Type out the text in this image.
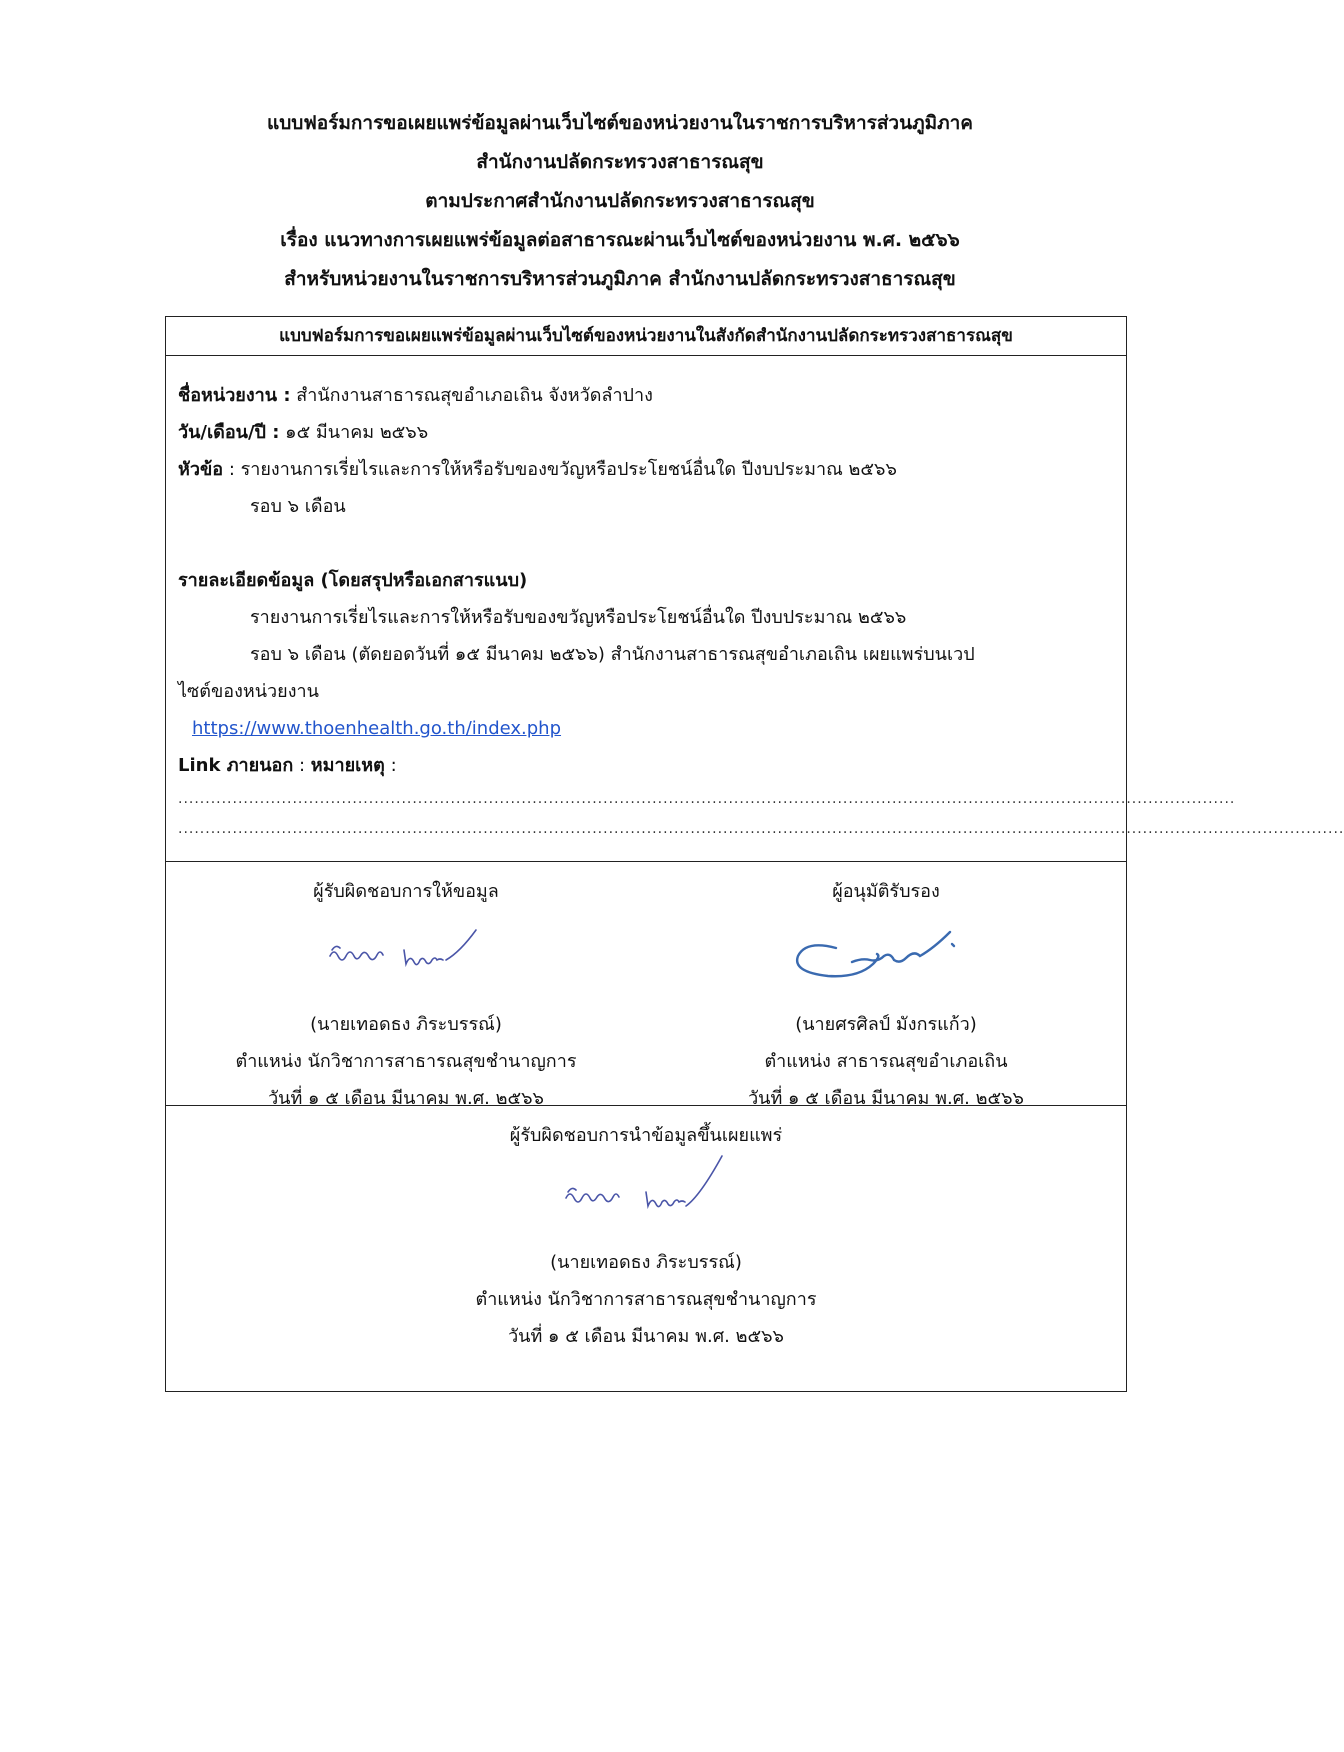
แบบฟอร์มการขอเผยแพร่ข้อมูลผ่านเว็บไซต์ของหน่วยงานในราชการบริหารส่วนภูมิภาค
สำนักงานปลัดกระทรวงสาธารณสุข
ตามประกาศสำนักงานปลัดกระทรวงสาธารณสุข
เรื่อง แนวทางการเผยแพร่ข้อมูลต่อสาธารณะผ่านเว็บไซต์ของหน่วยงาน พ.ศ. ๒๕๖๖
สำหรับหน่วยงานในราชการบริหารส่วนภูมิภาค สำนักงานปลัดกระทรวงสาธารณสุข
แบบฟอร์มการขอเผยแพร่ข้อมูลผ่านเว็บไซต์ของหน่วยงานในสังกัดสำนักงานปลัดกระทรวงสาธารณสุข
ชื่อหน่วยงาน : สำนักงานสาธารณสุขอำเภอเถิน จังหวัดลำปาง
วัน/เดือน/ปี : ๑๕ มีนาคม ๒๕๖๖
หัวข้อ : รายงานการเรี่ยไรและการให้หรือรับของขวัญหรือประโยชน์อื่นใด ปีงบประมาณ ๒๕๖๖
รอบ ๖ เดือน
รายละเอียดข้อมูล (โดยสรุปหรือเอกสารแนบ)
รายงานการเรี่ยไรและการให้หรือรับของขวัญหรือประโยชน์อื่นใด ปีงบประมาณ ๒๕๖๖
รอบ ๖ เดือน (ตัดยอดวันที่ ๑๕ มีนาคม ๒๕๖๖) สำนักงานสาธารณสุขอำเภอเถิน เผยแพร่บนเวป
ไซต์ของหน่วยงาน
https://www.thoenhealth.go.th/index.php
Link ภายนอก : หมายเหตุ :
..................................................................................................................................................................................................
......................................................................................................................................................................................................................
ผู้รับผิดชอบการให้ขอมูล
(นายเทอดธง ภิระบรรณ์)
ตำแหน่ง นักวิชาการสาธารณสุขชำนาญการ
วันที่ ๑ ๕ เดือน มีนาคม พ.ศ. ๒๕๖๖
ผู้อนุมัติรับรอง
(นายศรศิลป์ มังกรแก้ว)
ตำแหน่ง สาธารณสุขอำเภอเถิน
วันที่ ๑ ๕ เดือน มีนาคม พ.ศ. ๒๕๖๖
ผู้รับผิดชอบการนำข้อมูลขึ้นเผยแพร่
(นายเทอดธง ภิระบรรณ์)
ตำแหน่ง นักวิชาการสาธารณสุขชำนาญการ
วันที่ ๑ ๕ เดือน มีนาคม พ.ศ. ๒๕๖๖
